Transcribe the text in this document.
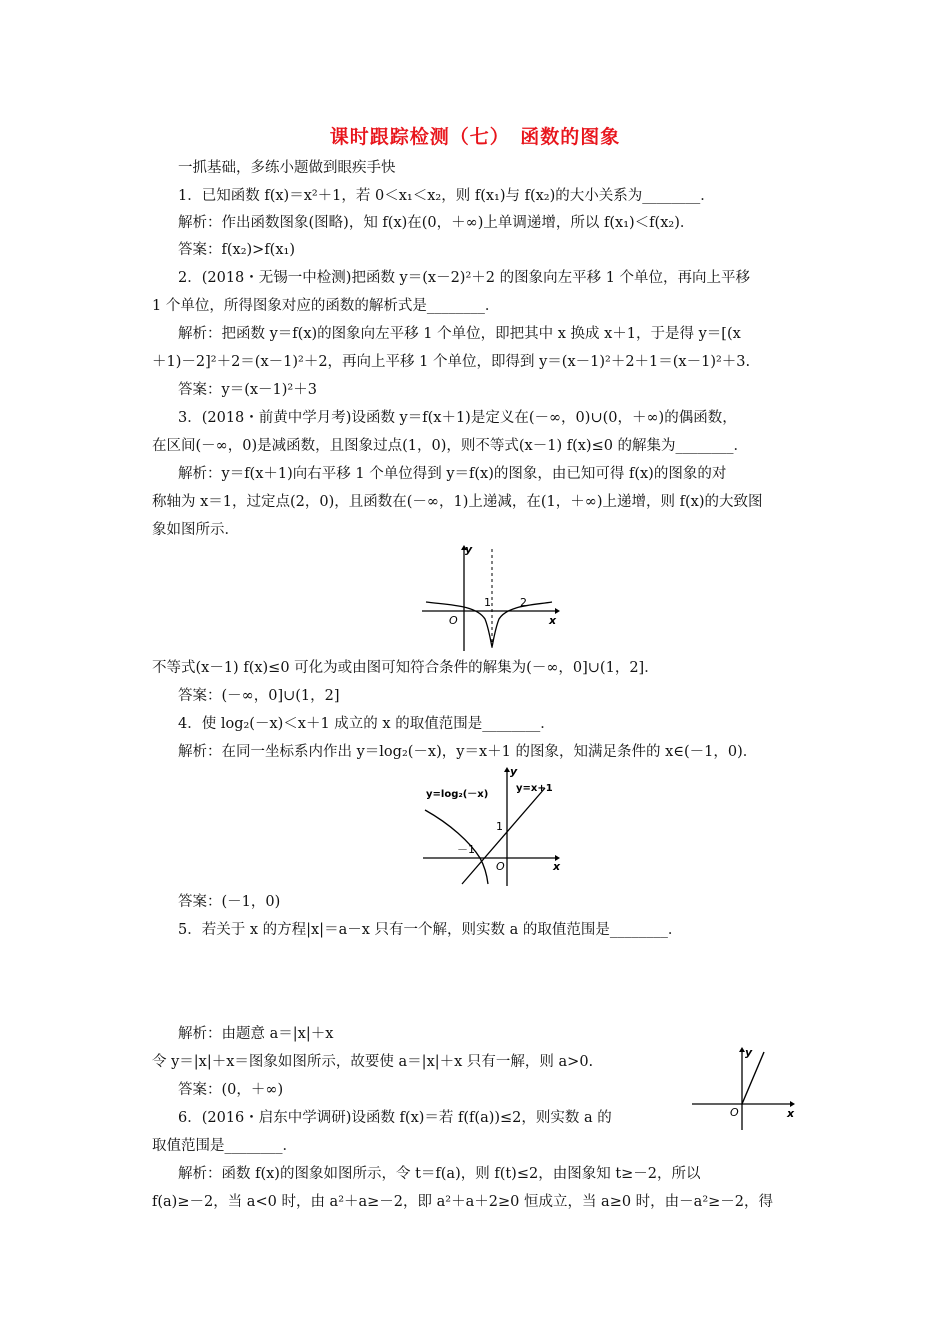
课时跟踪检测（七）　函数的图象
一抓基础，多练小题做到眼疾手快
1．已知函数 f(x)＝x²＋1，若 0＜x₁＜x₂，则 f(x₁)与 f(x₂)的大小关系为________．
解析：作出函数图象(图略)，知 f(x)在(0，＋∞)上单调递增，所以 f(x₁)＜f(x₂)．
答案：f(x₂)>f(x₁)
2．(2018・无锡一中检测)把函数 y＝(x－2)²＋2 的图象向左平移 1 个单位，再向上平移
1 个单位，所得图象对应的函数的解析式是________．
解析：把函数 y＝f(x)的图象向左平移 1 个单位，即把其中 x 换成 x＋1，于是得 y＝[(x
＋1)－2]²＋2＝(x－1)²＋2，再向上平移 1 个单位，即得到 y＝(x－1)²＋2＋1＝(x－1)²＋3.
答案：y＝(x－1)²＋3
3．(2018・前黄中学月考)设函数 y＝f(x＋1)是定义在(－∞，0)∪(0，＋∞)的偶函数，
在区间(－∞，0)是减函数，且图象过点(1，0)，则不等式(x－1) f(x)≤0 的解集为________．
解析：y＝f(x＋1)向右平移 1 个单位得到 y＝f(x)的图象，由已知可得 f(x)的图象的对
称轴为 x＝1，过定点(2，0)，且函数在(－∞，1)上递减，在(1，＋∞)上递增，则 f(x)的大致图
象如图所示．
y
x
O
1	2
不等式(x－1) f(x)≤0 可化为或由图可知符合条件的解集为(－∞，0]∪(1，2]．
答案：(－∞，0]∪(1，2]
4．使 log₂(－x)＜x＋1 成立的 x 的取值范围是________．
解析：在同一坐标系内作出 y＝log₂(－x)，y＝x＋1 的图象，知满足条件的 x∈(－1，0)．
y
x
O
y=log₂(－x)
y=x+1
1
－1
答案：(－1，0)
5．若关于 x 的方程|x|＝a－x 只有一个解，则实数 a 的取值范围是________．
解析：由题意 a＝|x|＋x
令 y＝|x|＋x＝图象如图所示，故要使 a＝|x|＋x 只有一解，则 a>0.
答案：(0，＋∞)
6．(2016・启东中学调研)设函数 f(x)＝若 f(f(a))≤2，则实数 a 的
取值范围是________．
解析：函数 f(x)的图象如图所示，令 t＝f(a)，则 f(t)≤2，由图象知 t≥－2，所以
f(a)≥－2，当 a<0 时，由 a²＋a≥－2，即 a²＋a＋2≥0 恒成立，当 a≥0 时，由－a²≥－2，得
y
x
O
